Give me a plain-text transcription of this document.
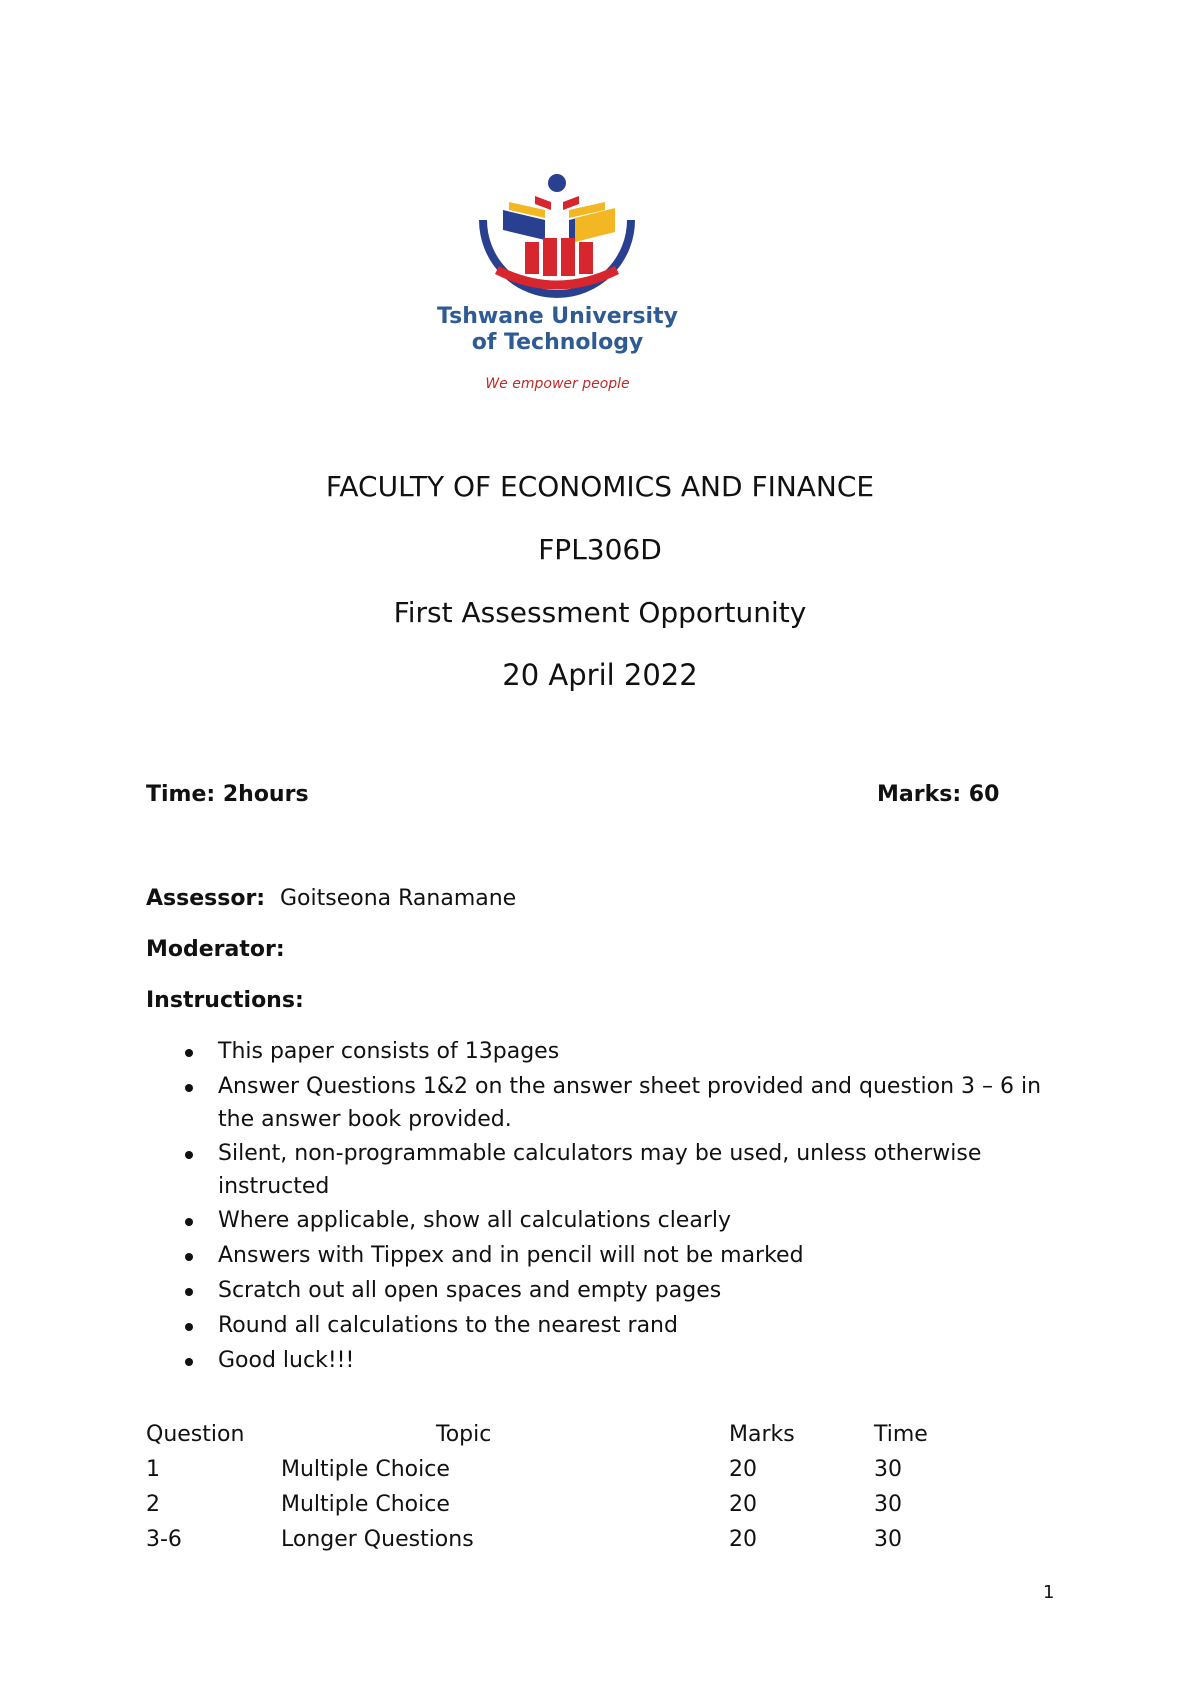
Tshwane University
of Technology
We empower people
FACULTY OF ECONOMICS AND FINANCE
FPL306D
First Assessment Opportunity
20 April 2022
Time: 2hours	Marks: 60
Assessor: Goitseona Ranamane
Moderator:
Instructions:
This paper consists of 13pages
Answer Questions 1&2 on the answer sheet provided and question 3 – 6 in the answer book provided.
Silent, non-programmable calculators may be used, unless otherwise instructed
Where applicable, show all calculations clearly
Answers with Tippex and in pencil will not be marked
Scratch out all open spaces and empty pages
Round all calculations to the nearest rand
Good luck!!!
Question	Topic	Marks	Time
1	Multiple Choice	20	30
2	Multiple Choice	20	30
3-6	Longer Questions	20	30
1
